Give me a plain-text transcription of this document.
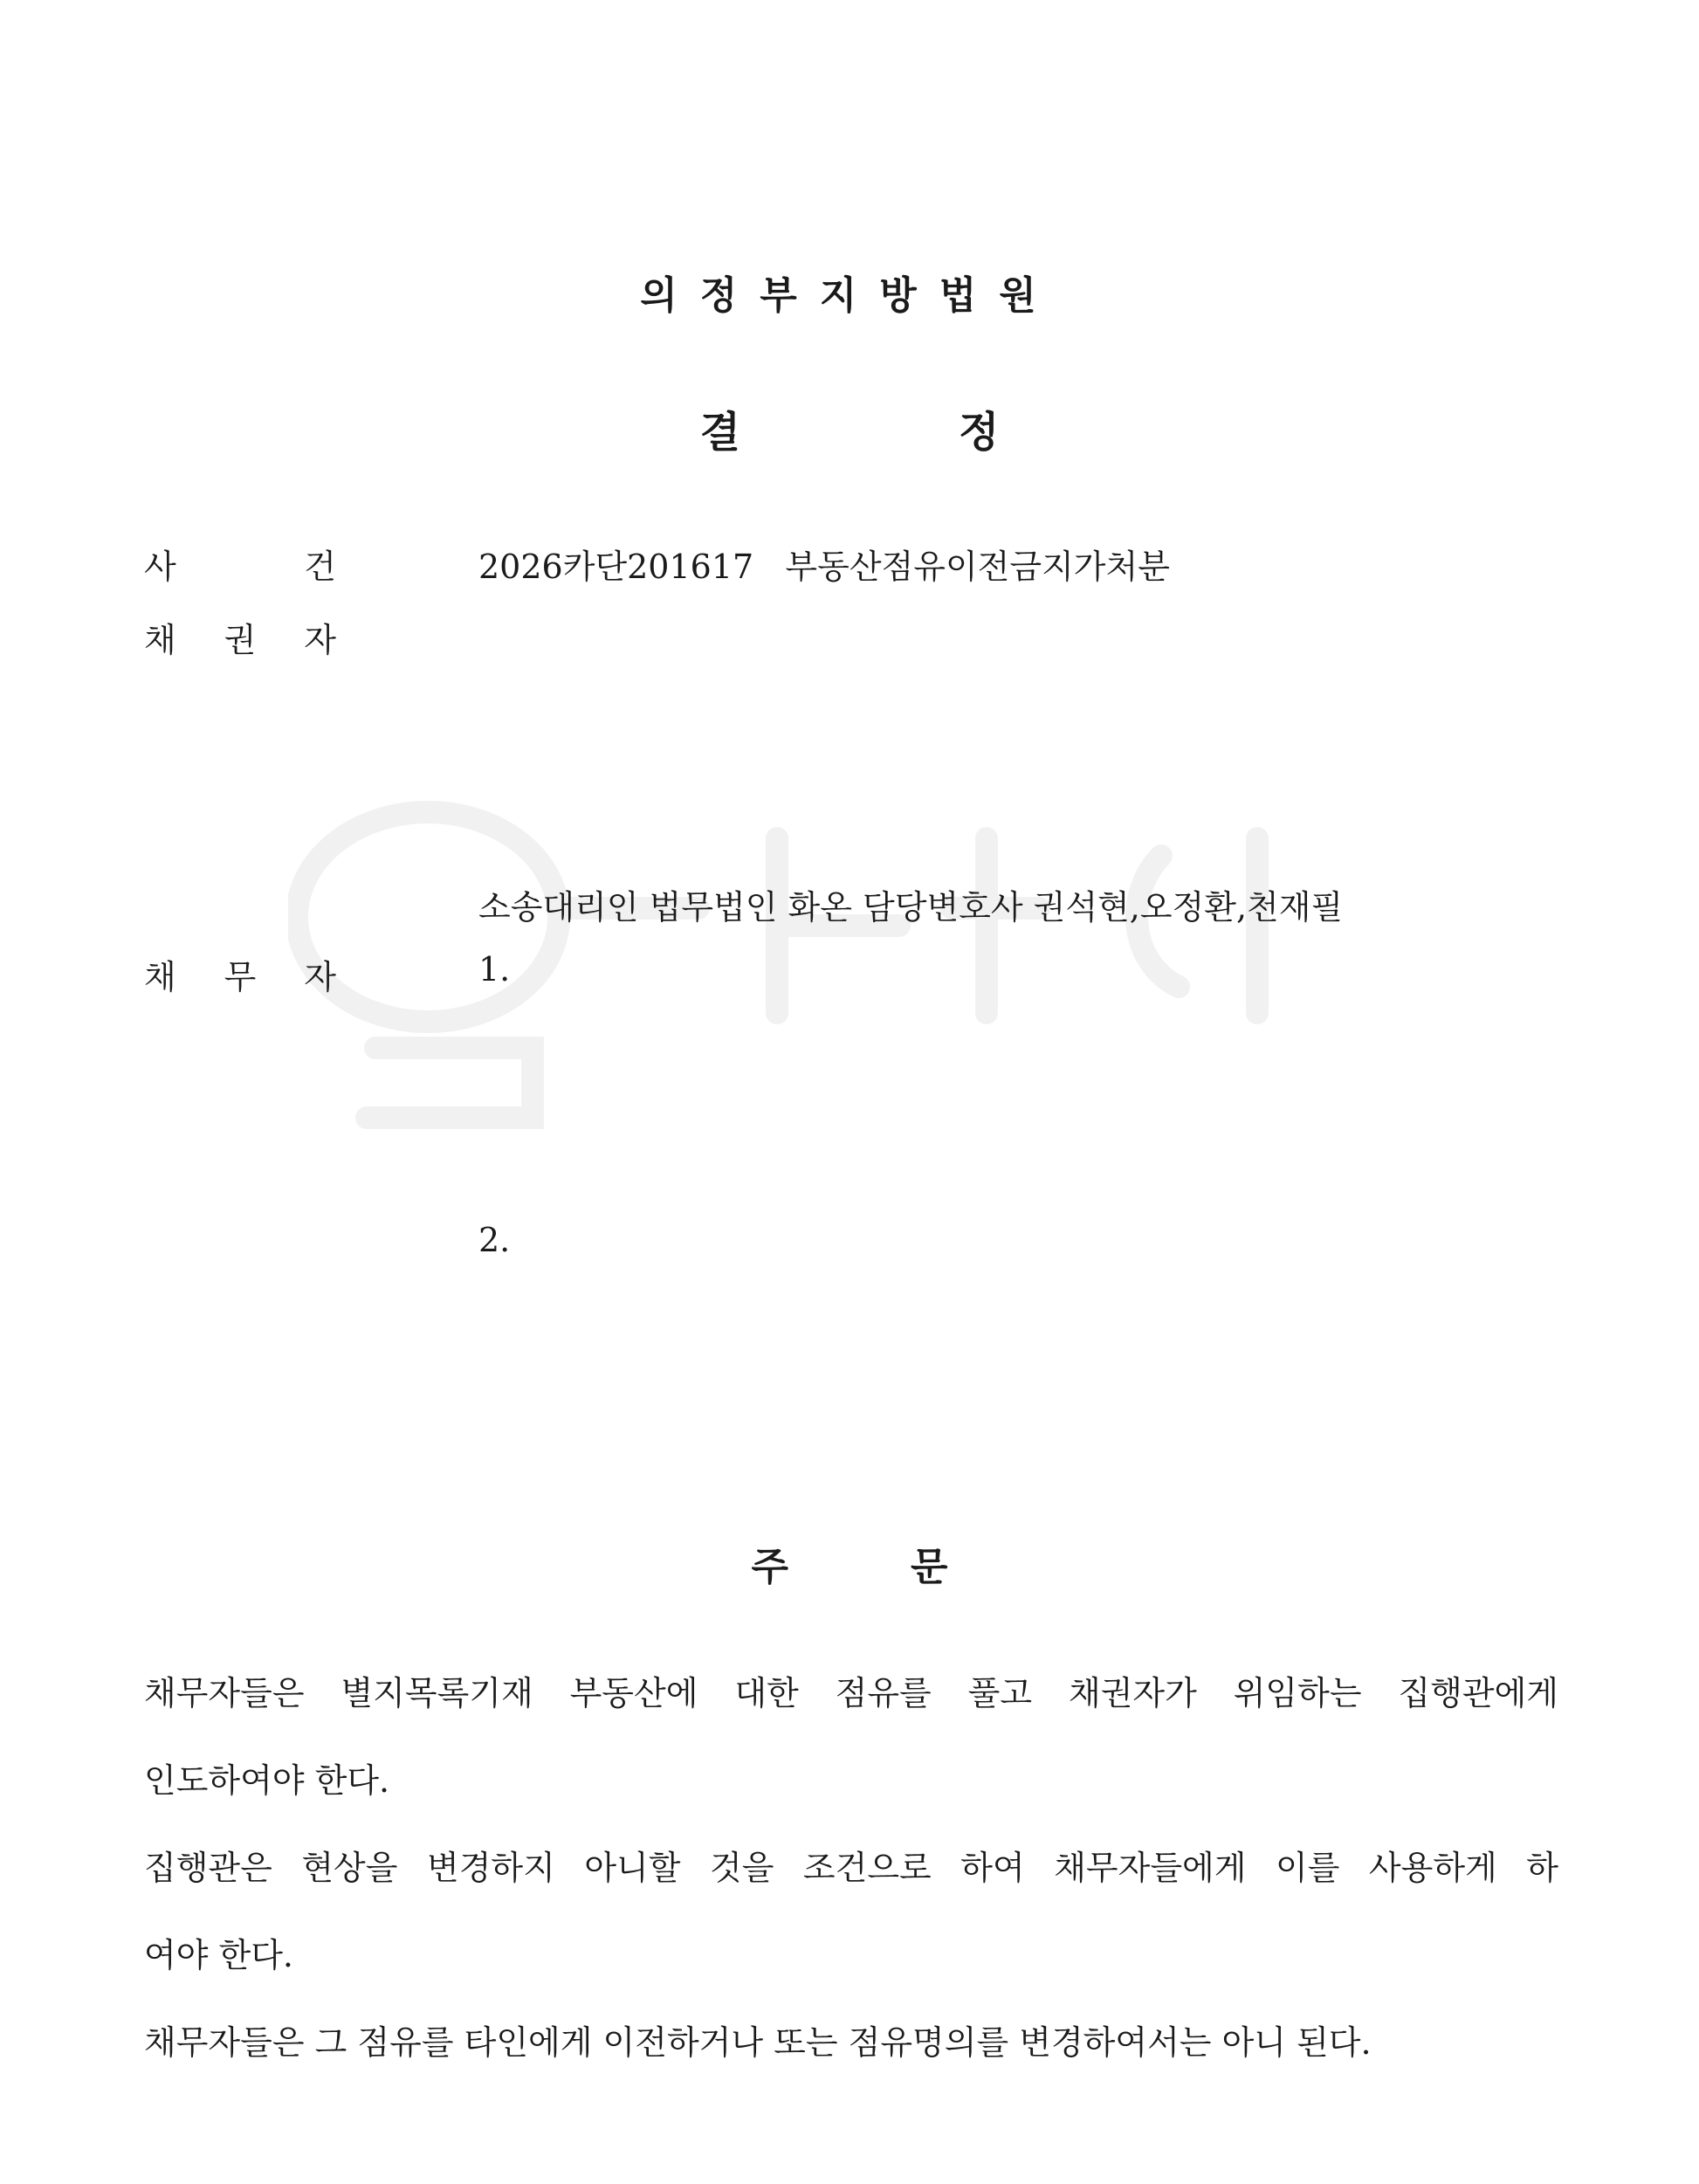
의정부지방법원
결	정
사	건	2026카단201617   부동산점유이전금지가처분
채 권 자
소송대리인 법무법인 화온 담당변호사 권석현,오정환,천재필
채 무 자	1.
2.
주	문
채무자들은 별지목록기재 부동산에 대한 점유를 풀고 채권자가 위임하는 집행관에게
인도하여야 한다.
집행관은 현상을 변경하지 아니할 것을 조건으로 하여 채무자들에게 이를 사용하게 하
여야 한다.
채무자들은 그 점유를 타인에게 이전하거나 또는 점유명의를 변경하여서는 아니 된다.
